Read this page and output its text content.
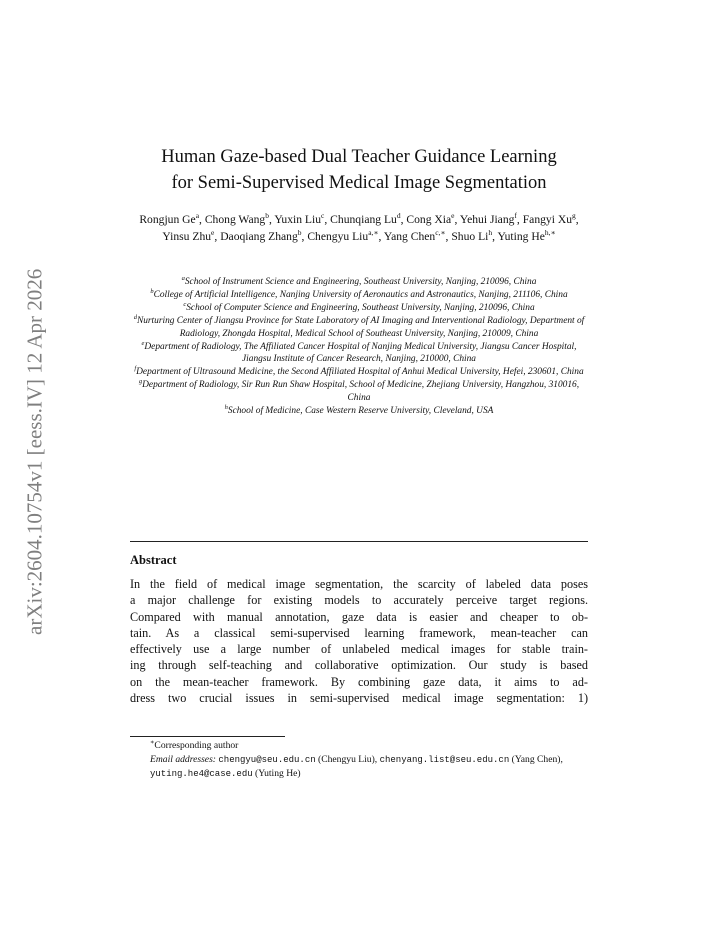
arXiv:2604.10754v1 [eess.IV] 12 Apr 2026
Human Gaze-based Dual Teacher Guidance Learning
for Semi-Supervised Medical Image Segmentation
Rongjun Ge$^a$, Chong Wang$^b$, Yuxin Liu$^c$, Chunqiang Lu$^d$, Cong Xia$^e$, Yehui Jiang$^f$, Fangyi Xu$^g$, Yinsu Zhu$^e$, Daoqiang Zhang$^b$, Chengyu Liu$^{a,∗}$, Yang Chen$^{c,∗}$, Shuo Li$^h$, Yuting $He^{h,∗}$
$^a$School of Instrument Science and Engineering, Southeast University, Nanjing, 210096, China
$^b$College of Artificial Intelligence, Nanjing University of Aeronautics and Astronautics, Nanjing, 211106, China
$^c$School of Computer Science and Engineering, Southeast University, Nanjing, 210096, China
$^d$Nurturing Center of Jiangsu Province for State Laboratory of AI Imaging and Interventional Radiology, Department of Radiology, Zhongda Hospital, Medical School of Southeast University, Nanjing, 210009, China
$^e$Department of Radiology, The Affiliated Cancer Hospital of Nanjing Medical University, Jiangsu Cancer Hospital, Jiangsu Institute of Cancer Research, Nanjing, 210000, China
$^f$Department of Ultrasound Medicine, the Second Affiliated Hospital of Anhui Medical University, Hefei, 230601, China
$^g$Department of Radiology, Sir Run Run Shaw Hospital, School of Medicine, Zhejiang University, Hangzhou, 310016, China
$^h$School of Medicine, Case Western Reserve University, Cleveland, USA
Abstract
In the field of medical image segmentation, the scarcity of labeled data poses
a major challenge for existing models to accurately perceive target regions.
Compared with manual annotation, gaze data is easier and cheaper to ob-
tain. As a classical semi-supervised learning framework, mean-teacher can
effectively use a large number of unlabeled medical images for stable train-
ing through self-teaching and collaborative optimization. Our study is based
on the mean-teacher framework. By combining gaze data, it aims to ad-
dress two crucial issues in semi-supervised medical image segmentation: 1)
∗Corresponding author
Email addresses: chengyu@seu.edu.cn (Chengyu Liu), chenyang.list@seu.edu.cn (Yang Chen), yuting.he4@case.edu (Yuting He)
